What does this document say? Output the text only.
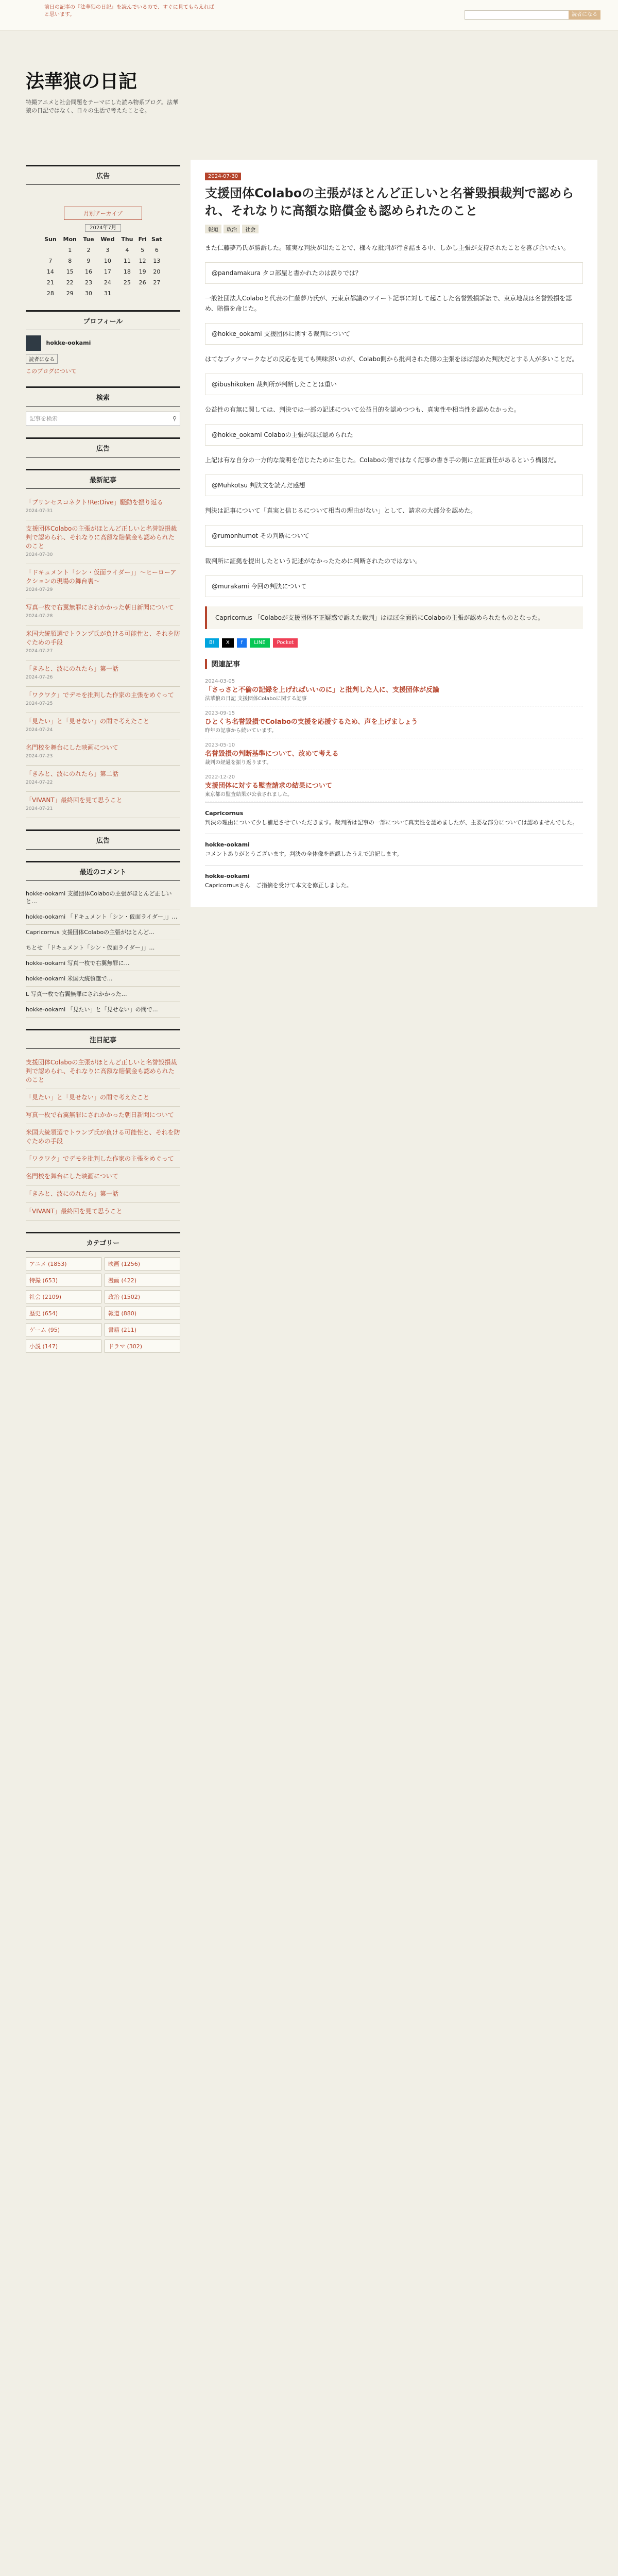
前日の記事の『法華狼の日記』を読んでいるので、すぐに見てもらえればと思います。	読者になる
法華狼の日記
特撮アニメと社会問題をテーマにした読み物系ブログ。法華狼の日記ではなく、日々の生活で考えたことを。
広告
月別アーカイブ
2024年7月
Sun	Mon	Tue	Wed	Thu	Fri	Sat
	1	2	3	4	5	6
7	8	9	10	11	12	13
14	15	16	17	18	19	20
21	22	23	24	25	26	27
28	29	30	31			
プロフィール
hokke-ookami
読者になる
このブログについて
検索
記事を検索	⚲
広告
最新記事
「プリンセスコネクト!Re:Dive」騒動を振り返る
2024-07-31
支援団体Colaboの主張がほとんど正しいと名誉毀損裁判で認められ、それなりに高額な賠償金も認められたのこと
2024-07-30
「ドキュメント「シン・仮面ライダー」」〜ヒーローアクションの現場の舞台裏〜
2024-07-29
写真一枚で右翼無罪にされかかった朝日新聞について
2024-07-28
米国大統領選でトランプ氏が負ける可能性と、それを防ぐための手段
2024-07-27
「きみと、波にのれたら」第一話
2024-07-26
「ワクワク」でデモを批判した作家の主張をめぐって
2024-07-25
「見たい」と「見せない」の間で考えたこと
2024-07-24
名門校を舞台にした映画について
2024-07-23
「きみと、波にのれたら」第二話
2024-07-22
「VIVANT」最終回を見て思うこと
2024-07-21
広告
最近のコメント
hokke-ookami 支援団体Colaboの主張がほとんど正しいと…
hokke-ookami 「ドキュメント「シン・仮面ライダー」」…
Capricornus 支援団体Colaboの主張がほとんど…
ちとせ 「ドキュメント「シン・仮面ライダー」」…
hokke-ookami 写真一枚で右翼無罪に…
hokke-ookami 米国大統領選で…
L 写真一枚で右翼無罪にされかかった…
hokke-ookami 「見たい」と「見せない」の間で…
注目記事
支援団体Colaboの主張がほとんど正しいと名誉毀損裁判で認められ、それなりに高額な賠償金も認められたのこと
「見たい」と「見せない」の間で考えたこと
写真一枚で右翼無罪にされかかった朝日新聞について
米国大統領選でトランプ氏が負ける可能性と、それを防ぐための手段
「ワクワク」でデモを批判した作家の主張をめぐって
名門校を舞台にした映画について
「きみと、波にのれたら」第一話
「VIVANT」最終回を見て思うこと
カテゴリー
アニメ (1853)	映画 (1256)
特撮 (653)	漫画 (422)
社会 (2109)	政治 (1502)
歴史 (654)	報道 (880)
ゲーム (95)	書籍 (211)
小説 (147)	ドラマ (302)
2024-07-30
支援団体Colaboの主張がほとんど正しいと名誉毀損裁判で認められ、それなりに高額な賠償金も認められたのこと
報道 政治 社会
また仁藤夢乃氏が勝訴した。確実な判決が出たことで、様々な批判が行き詰まる中、しかし主張が支持されたことを喜び合いたい。
@pandamakura タコ部屋と書かれたのは誤りでは？
一般社団法人Colaboと代表の仁藤夢乃氏が、元東京都議のツイート記事に対して起こした名誉毀損訴訟で、東京地裁は名誉毀損を認め、賠償を命じた。
@hokke_ookami 支援団体に関する裁判について
はてなブックマークなどの反応を見ても興味深いのが、Colabo側から批判された側の主張をほぼ認めた判決だとする人が多いことだ。
@ibushikoken 裁判所が判断したことは重い
公益性の有無に関しては、判決では一部の記述について公益目的を認めつつも、真実性や相当性を認めなかった。
@hokke_ookami Colaboの主張がほぼ認められた
上記は有な自分の一方的な説明を信じたために生じた。Colaboの側ではなく記事の書き手の側に立証責任があるという構図だ。
@Muhkotsu 判決文を読んだ感想
判決は記事について「真実と信じるについて相当の理由がない」として、請求の大部分を認めた。
@rumonhumot その判断について
裁判所に証拠を提出したという記述がなかったために判断されたのではない。
@murakami 今回の判決について
Capricornus 「Colaboが支援団体不正疑惑で訴えた裁判」はほぼ全面的にColaboの主張が認められたものとなった。
B!	X	f	LINE	Pocket
関連記事
2024-03-05
「さっさと不倫の記録を上げればいいのに」と批判した人に、支援団体が反論
法華狼の日記 支援団体Colaboに関する記事
2023-09-15
ひとくち名誉毀損でColaboの支援を応援するため、声を上げましょう
昨年の記事から続いています。
2023-05-10
名誉毀損の判断基準について、改めて考える
裁判の経過を振り返ります。
2022-12-20
支援団体に対する監査請求の結果について
東京都の監査結果が公表されました。
Capricornus
判決の理由について少し補足させていただきます。裁判所は記事の一部について真実性を認めましたが、主要な部分については認めませんでした。
hokke-ookami
コメントありがとうございます。判決の全体像を確認したうえで追記します。
hokke-ookami
Capricornusさん　ご指摘を受けて本文を修正しました。
